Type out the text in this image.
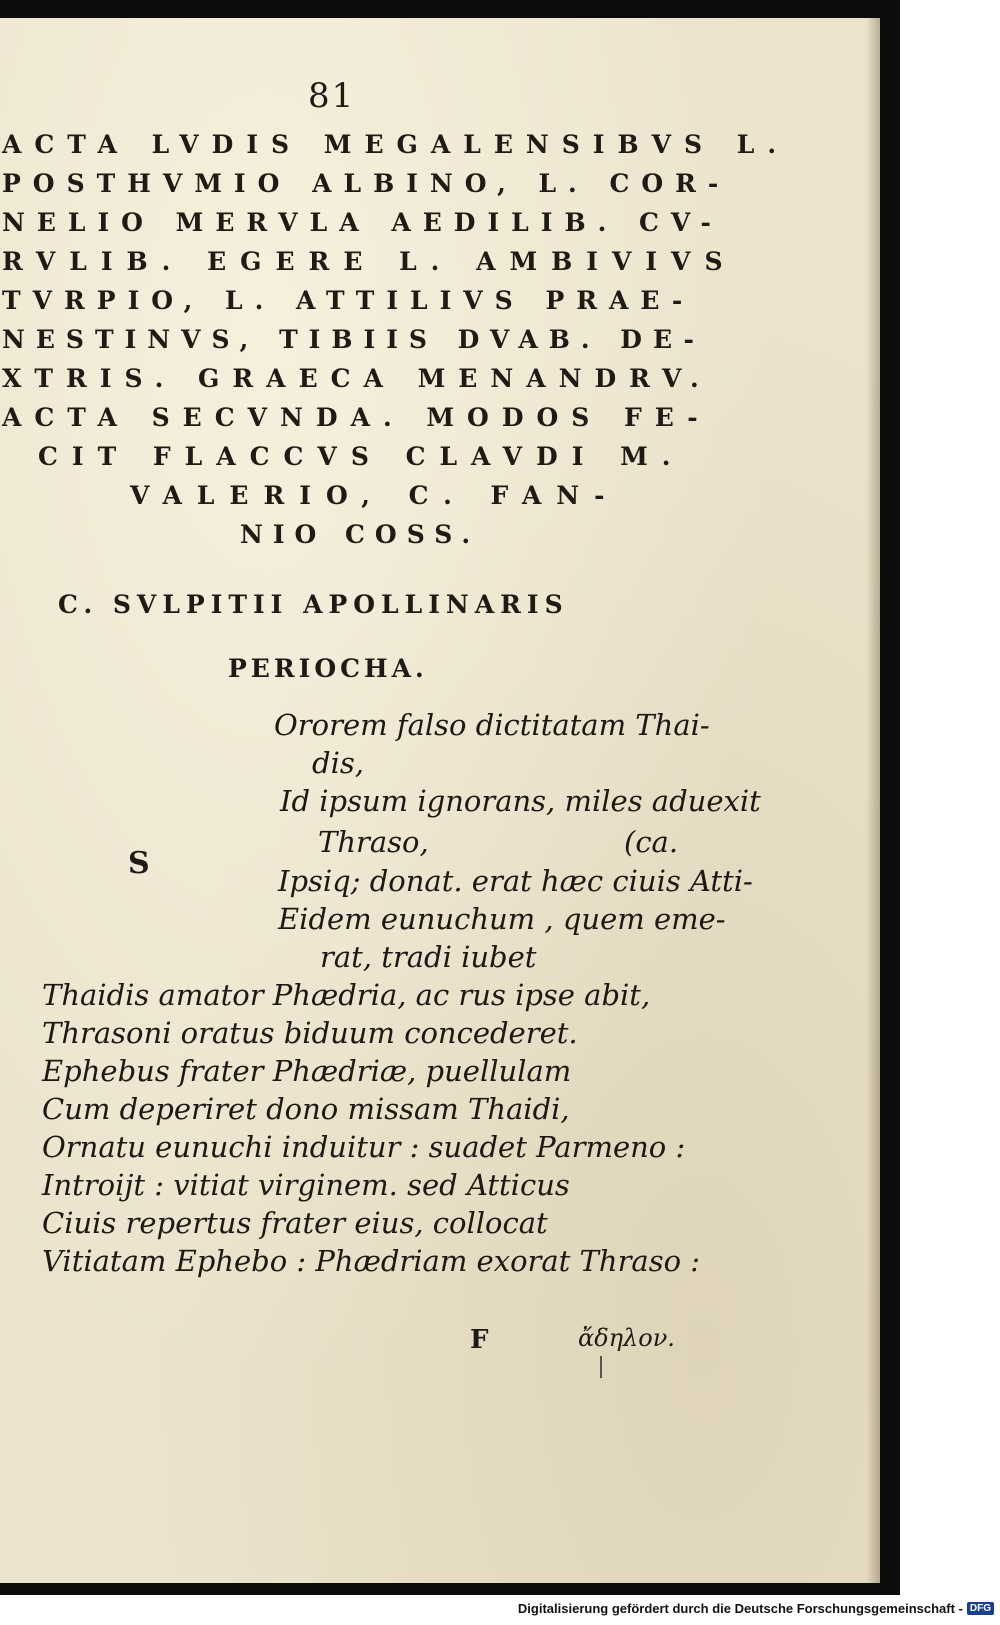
81
ACTA LVDIS MEGALENSIBVS L.
POSTHVMIO ALBINO, L. COR-
NELIO MERVLA AEDILIB. CV-
RVLIB. EGERE L. AMBIVIVS
TVRPIO, L. ATTILIVS PRAE-
NESTINVS, TIBIIS DVAB. DE-
XTRIS. GRAECA MENANDRV.
ACTA SECVNDA. MODOS FE-
CIT FLACCVS CLAVDI M.
VALERIO, C. FAN-
NIO COSS.
C. SVLPITII APOLLINARIS
PERIOCHA.
S
Ororem falso dictitatam Thai-
dis,
Id ipsum ignorans, miles aduexit
Thraso,	(ca.
Ipsiq; donat. erat hæc ciuis Atti-
Eidem eunuchum , quem eme-
rat, tradi iubet
Thaidis amator Phædria, ac rus ipse abit,
Thrasoni oratus biduum concederet.
Ephebus frater Phædriæ, puellulam
Cum deperiret dono missam Thaidi,
Ornatu eunuchi induitur : suadet Parmeno :
Introijt : vitiat virginem. sed Atticus
Ciuis repertus frater eius, collocat
Vitiatam Ephebo : Phædriam exorat Thraso :
F	ἄδηλον.
Digitalisierung gefördert durch die Deutsche Forschungsgemeinschaft - DFG
